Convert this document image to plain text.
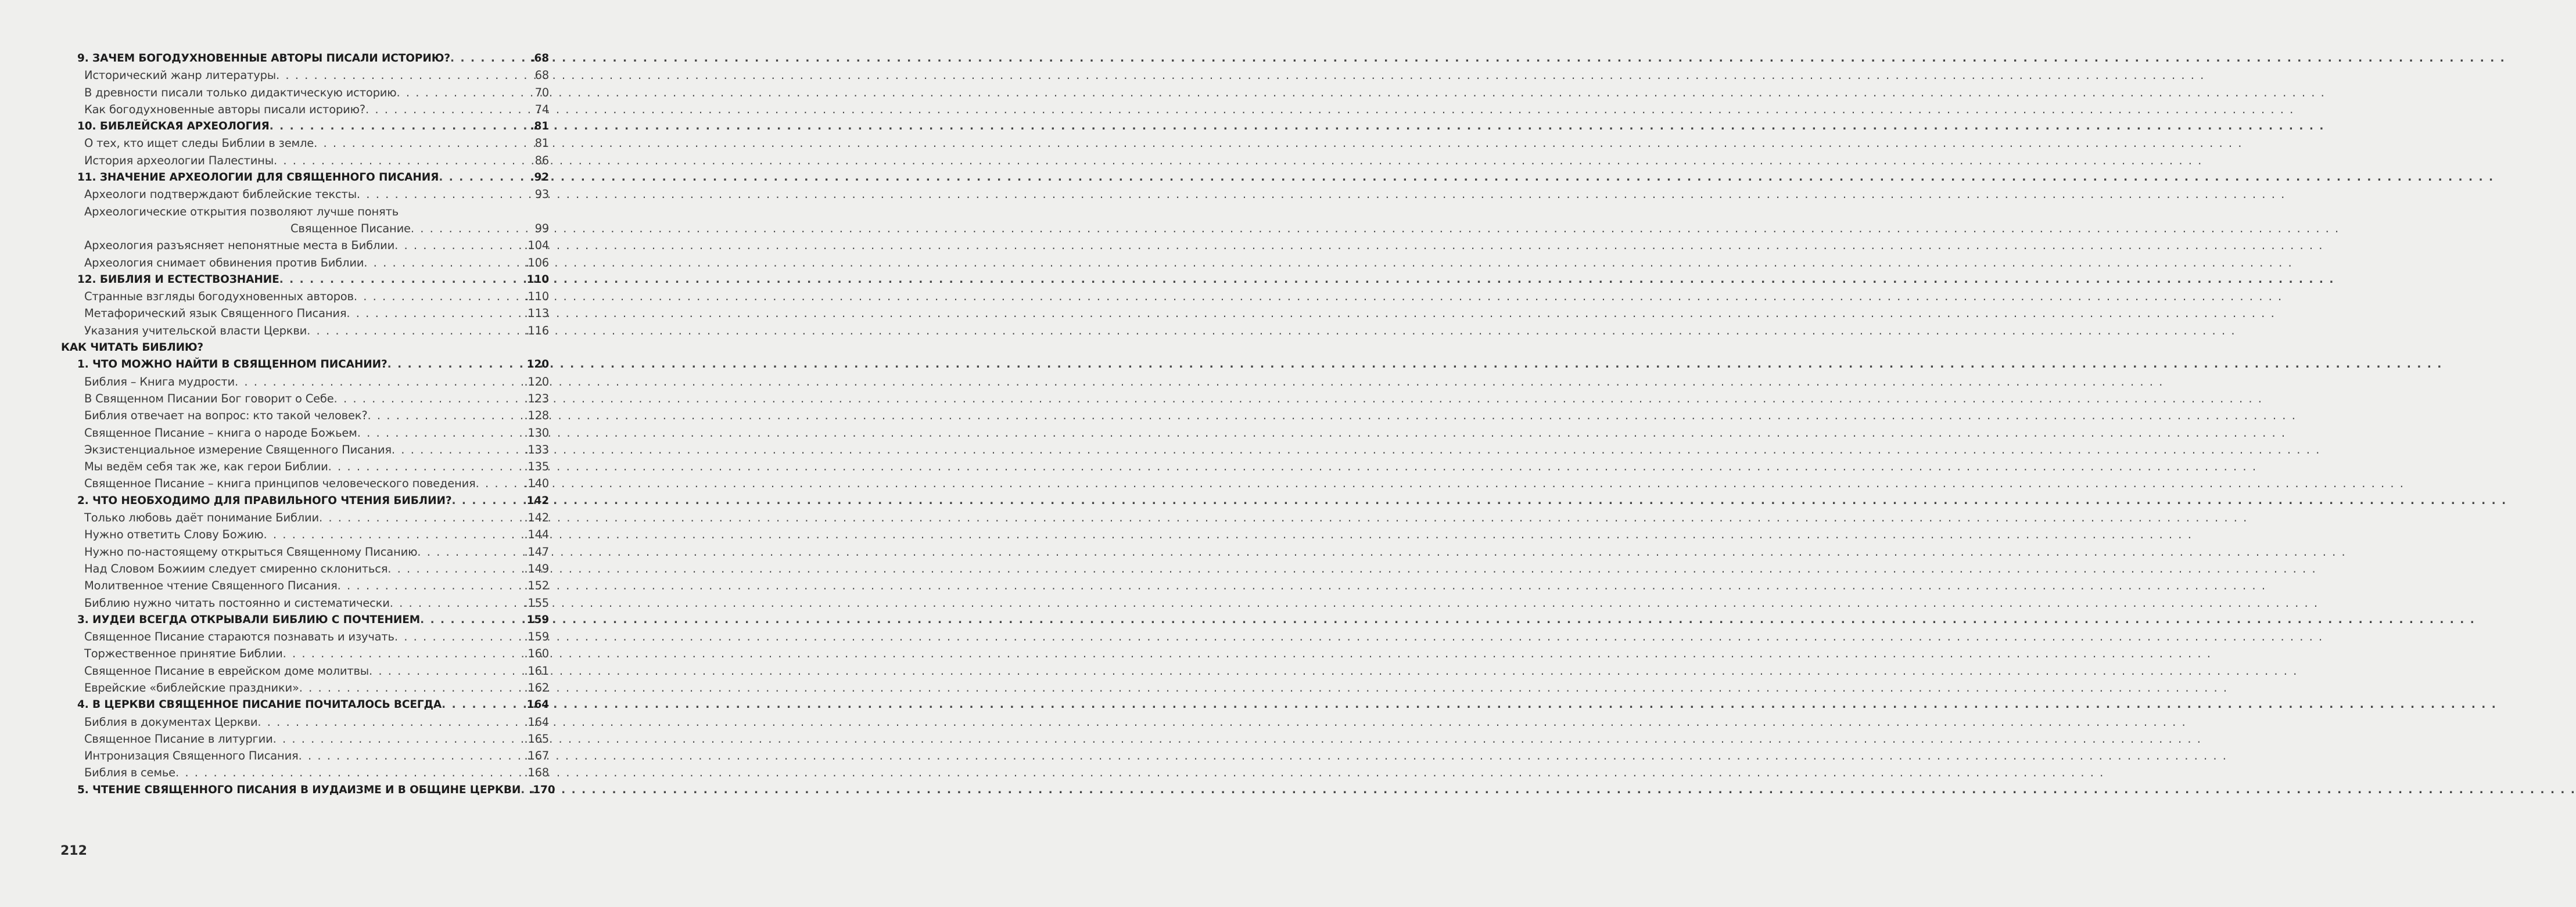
9. ЗАЧЕМ БОГОДУХНОВЕННЫЕ АВТОРЫ ПИСАЛИ ИСТОРИЮ? . . .	.68
Исторический жанр литературы . . .	68
В древности писали только дидактическую историю . . .	70
Как богодухновенные авторы писали историю? . . .	74
10. БИБЛЕЙСКАЯ АРХЕОЛОГИЯ . . .	.81
О тех, кто ищет следы Библии в земле . . .	81
История археологии Палестины . . .	86
11. ЗНАЧЕНИЕ АРХЕОЛОГИИ ДЛЯ СВЯЩЕННОГО ПИСАНИЯ . . .	.92
Археологи подтверждают библейские тексты . . .	93
Археологические открытия позволяют лучше понять
Священное Писание . . .	99
Археология разъясняет непонятные места в Библии . . .	.104
Археология снимает обвинения против Библии . . .	.106
12. БИБЛИЯ И ЕСТЕСТВОЗНАНИЕ . . .	110
Странные взгляды богодухновенных авторов . . .	.110
Метафорический язык Священного Писания . . .	.113
Указания учительской власти Церкви . . .	.116
КАК ЧИТАТЬ БИБЛИЮ?
1. ЧТО МОЖНО НАЙТИ В СВЯЩЕННОМ ПИСАНИИ? . . .	120
Библия – Книга мудрости . . .	.120
В Священном Писании Бог говорит о Себе . . .	.123
Библия отвечает на вопрос: кто такой человек? . . .	.128
Священное Писание – книга о народе Божьем . . .	.130
Экзистенциальное измерение Священного Писания . . .	.133
Мы ведём себя так же, как герои Библии . . .	.135
Священное Писание – книга принципов человеческого поведения . . .	.140
2. ЧТО НЕОБХОДИМО ДЛЯ ПРАВИЛЬНОГО ЧТЕНИЯ БИБЛИИ? . . .	142
Только любовь даёт понимание Библии . . .	.142
Нужно ответить Слову Божию . . .	.144
Нужно по-настоящему открыться Священному Писанию . . .	.147
Над Словом Божиим следует смиренно склониться . . .	.149
Молитвенное чтение Священного Писания . . .	.152
Библию нужно читать постоянно и систематически . . .	.155
3. ИУДЕИ ВСЕГДА ОТКРЫВАЛИ БИБЛИЮ С ПОЧТЕНИЕМ . . .	159
Священное Писание стараются познавать и изучать . . .	.159
Торжественное принятие Библии . . .	.160
Священное Писание в еврейском доме молитвы . . .	.161
Еврейские «библейские праздники» . . .	.162
4. В ЦЕРКВИ СВЯЩЕННОЕ ПИСАНИЕ ПОЧИТАЛОСЬ ВСЕГДА . . .	164
Библия в документах Церкви . . .	.164
Священное Писание в литургии . . .	.165
Интронизация Священного Писания . . .	.167
Библия в семье . . .	.168
5. ЧТЕНИЕ СВЯЩЕННОГО ПИСАНИЯ В ИУДАИЗМЕ И В ОБЩИНЕ ЦЕРКВИ . . . .170
212
